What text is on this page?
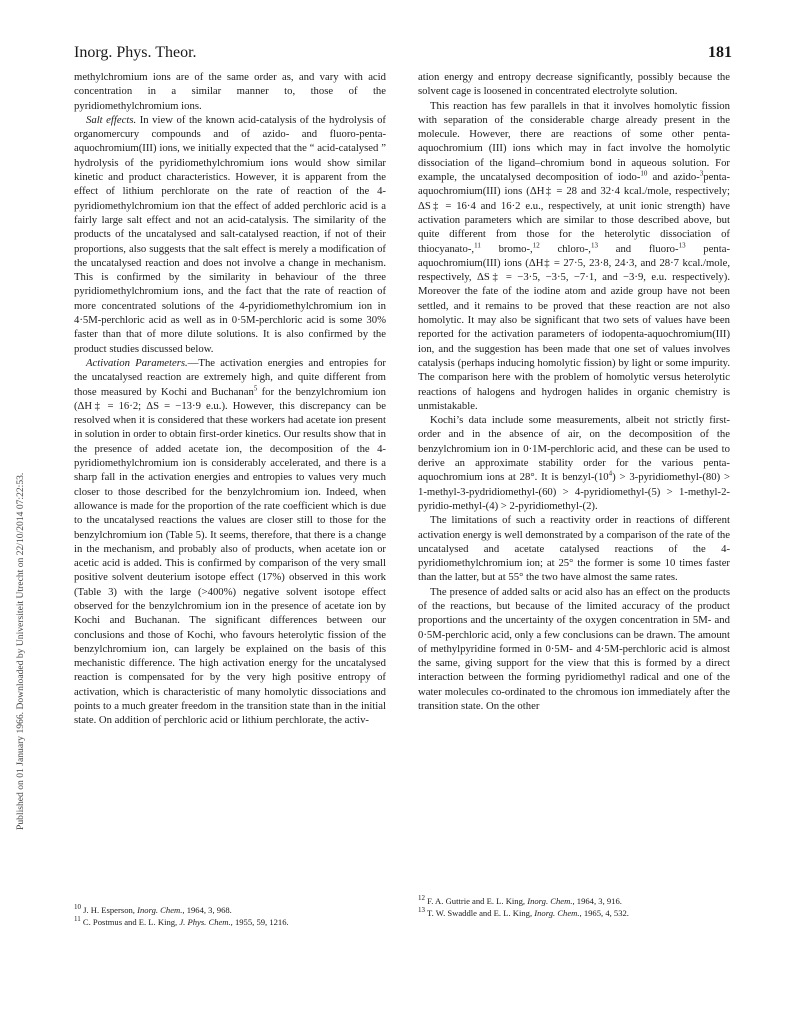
Inorg. Phys. Theor.	181
Published on 01 January 1966. Downloaded by Universiteit Utrecht on 22/10/2014 07:22:53.

methylchromium ions are of the same order as, and vary with acid concentration in a similar manner to, those of the pyridiomethylchromium ions.

Salt effects. In view of the known acid-catalysis of the hydrolysis of organomercury compounds and of azido- and fluoro-penta-aquochromium(III) ions, we initially expected that the “ acid-catalysed ” hydrolysis of the pyridiomethylchromium ions would show similar kinetic and product characteristics. However, it is apparent from the effect of lithium perchlorate on the rate of reaction of the 4-pyridiomethylchromium ion that the effect of added perchloric acid is a fairly large salt effect and not an acid-catalysis. The similarity of the products of the uncatalysed and salt-catalysed reaction, if not of their proportions, also suggests that the salt effect is merely a modification of the uncatalysed reaction and does not involve a change in mechanism. This is confirmed by the similarity in behaviour of the three pyridiomethylchromium ions, and the fact that the rate of reaction of more concentrated solutions of the 4-pyridiomethylchromium ion in 4·5M-perchloric acid as well as in 0·5M-perchloric acid is some 30% faster than that of more dilute solutions. It is also confirmed by the product studies discussed below.

Activation Parameters.—The activation energies and entropies for the uncatalysed reaction are extremely high, and quite different from those measured by Kochi and Buchanan$^5$ for the benzylchromium ion (ΔH‡ = 16·2; ΔS = −13·9 e.u.). However, this discrepancy can be resolved when it is considered that these workers had acetate ion present in solution in order to obtain first-order kinetics. Our results show that in the presence of added acetate ion, the decomposition of the 4-pyridiomethylchromium ion is considerably accelerated, and there is a sharp fall in the activation energies and entropies to values very much closer to those described for the benzylchromium ion. Indeed, when allowance is made for the proportion of the rate coefficient which is due to the uncatalysed reactions the values are closer still to those for the benzylchromium ion (Table 5). It seems, therefore, that there is a change in the mechanism, and probably also of products, when acetate ion or acetic acid is added. This is confirmed by comparison of the very small positive solvent deuterium isotope effect (17%) observed in this work (Table 3) with the large (>400%) negative solvent isotope effect observed for the benzylchromium ion in the presence of acetate ion by Kochi and Buchanan. The significant differences between our conclusions and those of Kochi, who favours heterolytic fission of the benzylchromium ion, can largely be explained on the basis of this mechanistic difference. The high activation energy for the uncatalysed reaction is compensated for by the very high positive entropy of activation, which is characteristic of many homolytic dissociations and points to a much greater freedom in the transition state than in the initial state. On addition of perchloric acid or lithium perchlorate, the activ-

ation energy and entropy decrease significantly, possibly because the solvent cage is loosened in concentrated electrolyte solution.

This reaction has few parallels in that it involves homolytic fission with separation of the considerable charge already present in the molecule. However, there are reactions of some other penta-aquochromium (III) ions which may in fact involve the homolytic dissociation of the ligand–chromium bond in aqueous solution. For example, the uncatalysed decomposition of iodo-$^{10}$ and azido-$^3$penta-aquochromium(III) ions (ΔH‡ = 28 and 32·4 kcal./mole, respectively; ΔS‡ = 16·4 and 16·2 e.u., respectively, at unit ionic strength) have activation parameters which are similar to those described above, but quite different from those for the heterolytic dissociation of thiocyanato-,$^{11}$ bromo-,$^{12}$ chloro-,$^{13}$ and fluoro-$^{13}$ penta-aquochromium(III) ions (ΔH‡ = 27·5, 23·8, 24·3, and 28·7 kcal./mole, respectively, ΔS‡ = −3·5, −3·5, −7·1, and −3·9, e.u. respectively). Moreover the fate of the iodine atom and azide group have not been settled, and it remains to be proved that these reaction are not also homolytic. It may also be significant that two sets of values have been reported for the activation parameters of iodopenta-aquochromium(III) ion, and the suggestion has been made that one set of values involves catalysis (perhaps inducing homolytic fission) by light or some impurity. The comparison here with the problem of homolytic versus heterolytic reactions of halogens and hydrogen halides in organic chemistry is unmistakable.

Kochi’s data include some measurements, albeit not strictly first-order and in the absence of air, on the decomposition of the benzylchromium ion in 0·1M-perchloric acid, and these can be used to derive an approximate stability order for the various penta-aquochromium ions at 28°. It is benzyl-$(10^4)$ > 3-pyridiomethyl-(80) > 1-methyl-3-pydridiomethyl-(60) > 4-pyridiomethyl-(5) > 1-methyl-2-pyridio-methyl-(4) > 2-pyridiomethyl-(2).

The limitations of such a reactivity order in reactions of different activation energy is well demonstrated by a comparison of the rate of the uncatalysed and acetate catalysed reactions of the 4-pyridiomethylchromium ion; at 25° the former is some 10 times faster than the latter, but at 55° the two have almost the same rates.

The presence of added salts or acid also has an effect on the products of the reactions, but because of the limited accuracy of the product proportions and the uncertainty of the oxygen concentration in 5M- and 0·5M-perchloric acid, only a few conclusions can be drawn. The amount of methylpyridine formed in 0·5M- and 4·5M-perchloric acid is almost the same, giving support for the view that this is formed by a direct interaction between the forming pyridiomethyl radical and one of the water molecules co-ordinated to the chromous ion immediately after the transition state. On the other

$^{10}$ J. H. Esperson, Inorg. Chem., 1964, 3, 968.
$^{11}$ C. Postmus and E. L. King, J. Phys. Chem., 1955, 59, 1216.
$^{12}$ F. A. Guttrie and E. L. King, Inorg. Chem., 1964, 3, 916.
$^{13}$ T. W. Swaddle and E. L. King, Inorg. Chem., 1965, 4, 532.
